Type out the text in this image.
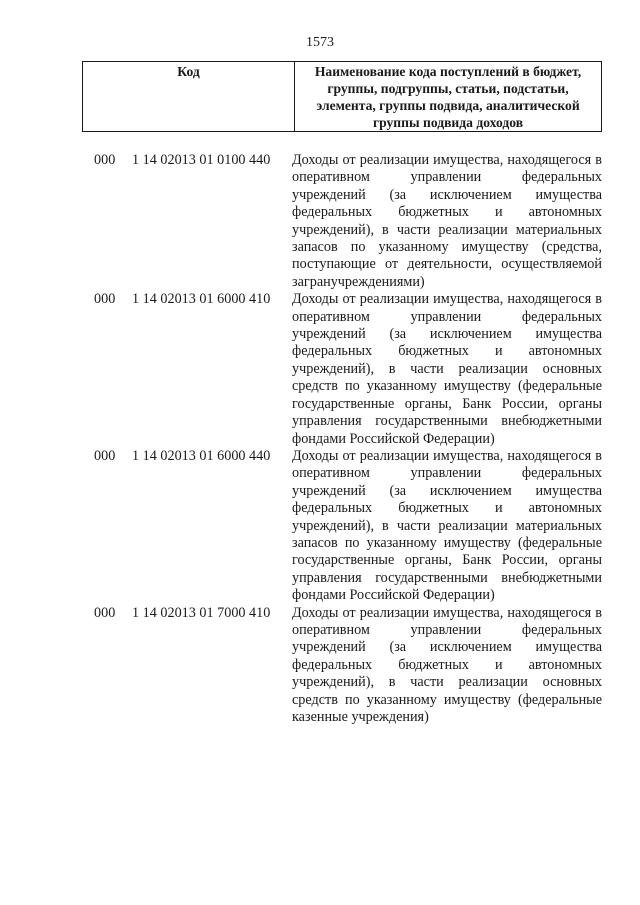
1573
Код	Наименование кода поступлений в бюджет, группы, подгруппы, статьи, подстатьи, элемента, группы подвида, аналитической группы подвида доходов
000	1 14 02013 01 0100 440	Доходы от реализации имущества, находящегося в оперативном управлении федеральных учреждений (за исключением имущества федеральных бюджетных и автономных учреждений), в части реализации материальных запасов по указанному имуществу (средства, поступающие от деятельности, осуществляемой загранучреждениями)
000	1 14 02013 01 6000 410	Доходы от реализации имущества, находящегося в оперативном управлении федеральных учреждений (за исключением имущества федеральных бюджетных и автономных учреждений), в части реализации основных средств по указанному имуществу (федеральные государственные органы, Банк России, органы управления государственными внебюджетными фондами Российской Федерации)
000	1 14 02013 01 6000 440	Доходы от реализации имущества, находящегося в оперативном управлении федеральных учреждений (за исключением имущества федеральных бюджетных и автономных учреждений), в части реализации материальных запасов по указанному имуществу (федеральные государственные органы, Банк России, органы управления государственными внебюджетными фондами Российской Федерации)
000	1 14 02013 01 7000 410	Доходы от реализации имущества, находящегося в оперативном управлении федеральных учреждений (за исключением имущества федеральных бюджетных и автономных учреждений), в части реализации основных средств по указанному имуществу (федеральные казенные учреждения)
